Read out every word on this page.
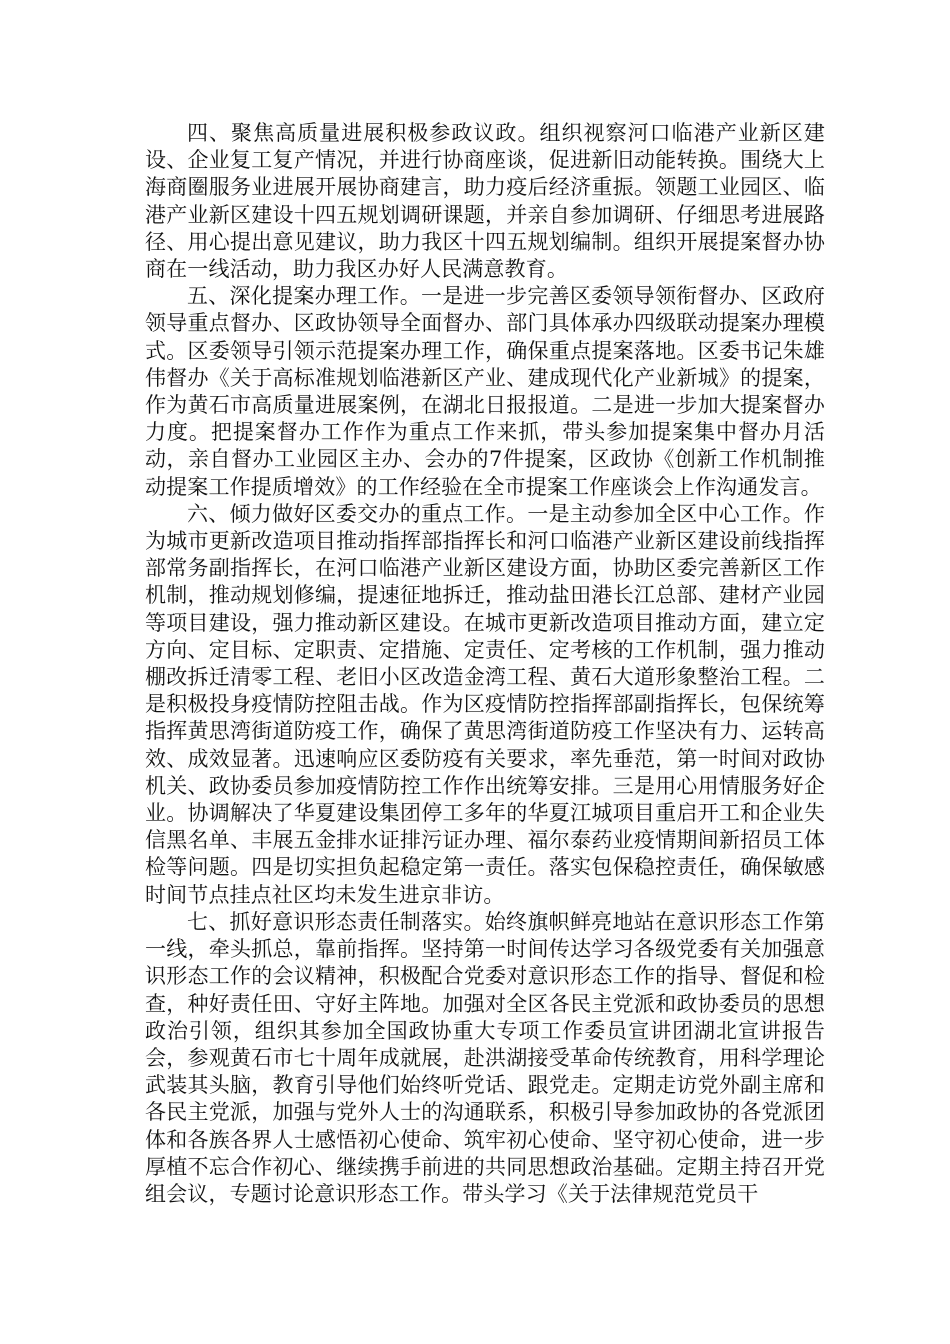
四、聚焦高质量进展积极参政议政。组织视察河口临港产业新区建设、企业复工复产情况，并进行协商座谈，促进新旧动能转换。围绕大上海商圈服务业进展开展协商建言，助力疫后经济重振。领题工业园区、临港产业新区建设十四五规划调研课题，并亲自参加调研、仔细思考进展路径、用心提出意见建议，助力我区十四五规划编制。组织开展提案督办协商在一线活动，助力我区办好人民满意教育。

五、深化提案办理工作。一是进一步完善区委领导领衔督办、区政府领导重点督办、区政协领导全面督办、部门具体承办四级联动提案办理模式。区委领导引领示范提案办理工作，确保重点提案落地。区委书记朱雄伟督办《关于高标准规划临港新区产业、建成现代化产业新城》的提案，作为黄石市高质量进展案例，在湖北日报报道。二是进一步加大提案督办力度。把提案督办工作作为重点工作来抓，带头参加提案集中督办月活动，亲自督办工业园区主办、会办的7件提案，区政协《创新工作机制推动提案工作提质增效》的工作经验在全市提案工作座谈会上作沟通发言。

六、倾力做好区委交办的重点工作。一是主动参加全区中心工作。作为城市更新改造项目推动指挥部指挥长和河口临港产业新区建设前线指挥部常务副指挥长，在河口临港产业新区建设方面，协助区委完善新区工作机制，推动规划修编，提速征地拆迁，推动盐田港长江总部、建材产业园等项目建设，强力推动新区建设。在城市更新改造项目推动方面，建立定方向、定目标、定职责、定措施、定责任、定考核的工作机制，强力推动棚改拆迁清零工程、老旧小区改造金湾工程、黄石大道形象整治工程。二是积极投身疫情防控阻击战。作为区疫情防控指挥部副指挥长，包保统筹指挥黄思湾街道防疫工作，确保了黄思湾街道防疫工作坚决有力、运转高效、成效显著。迅速响应区委防疫有关要求，率先垂范，第一时间对政协机关、政协委员参加疫情防控工作作出统筹安排。三是用心用情服务好企业。协调解决了华夏建设集团停工多年的华夏江城项目重启开工和企业失信黑名单、丰展五金排水证排污证办理、福尔泰药业疫情期间新招员工体检等问题。四是切实担负起稳定第一责任。落实包保稳控责任，确保敏感时间节点挂点社区均未发生进京非访。

七、抓好意识形态责任制落实。始终旗帜鲜亮地站在意识形态工作第一线，牵头抓总，靠前指挥。坚持第一时间传达学习各级党委有关加强意识形态工作的会议精神，积极配合党委对意识形态工作的指导、督促和检查，种好责任田、守好主阵地。加强对全区各民主党派和政协委员的思想政治引领，组织其参加全国政协重大专项工作委员宣讲团湖北宣讲报告会，参观黄石市七十周年成就展，赴洪湖接受革命传统教育，用科学理论武装其头脑，教育引导他们始终听党话、跟党走。定期走访党外副主席和各民主党派，加强与党外人士的沟通联系，积极引导参加政协的各党派团体和各族各界人士感悟初心使命、筑牢初心使命、坚守初心使命，进一步厚植不忘合作初心、继续携手前进的共同思想政治基础。定期主持召开党组会议，专题讨论意识形态工作。带头学习《关于法律规范党员干
